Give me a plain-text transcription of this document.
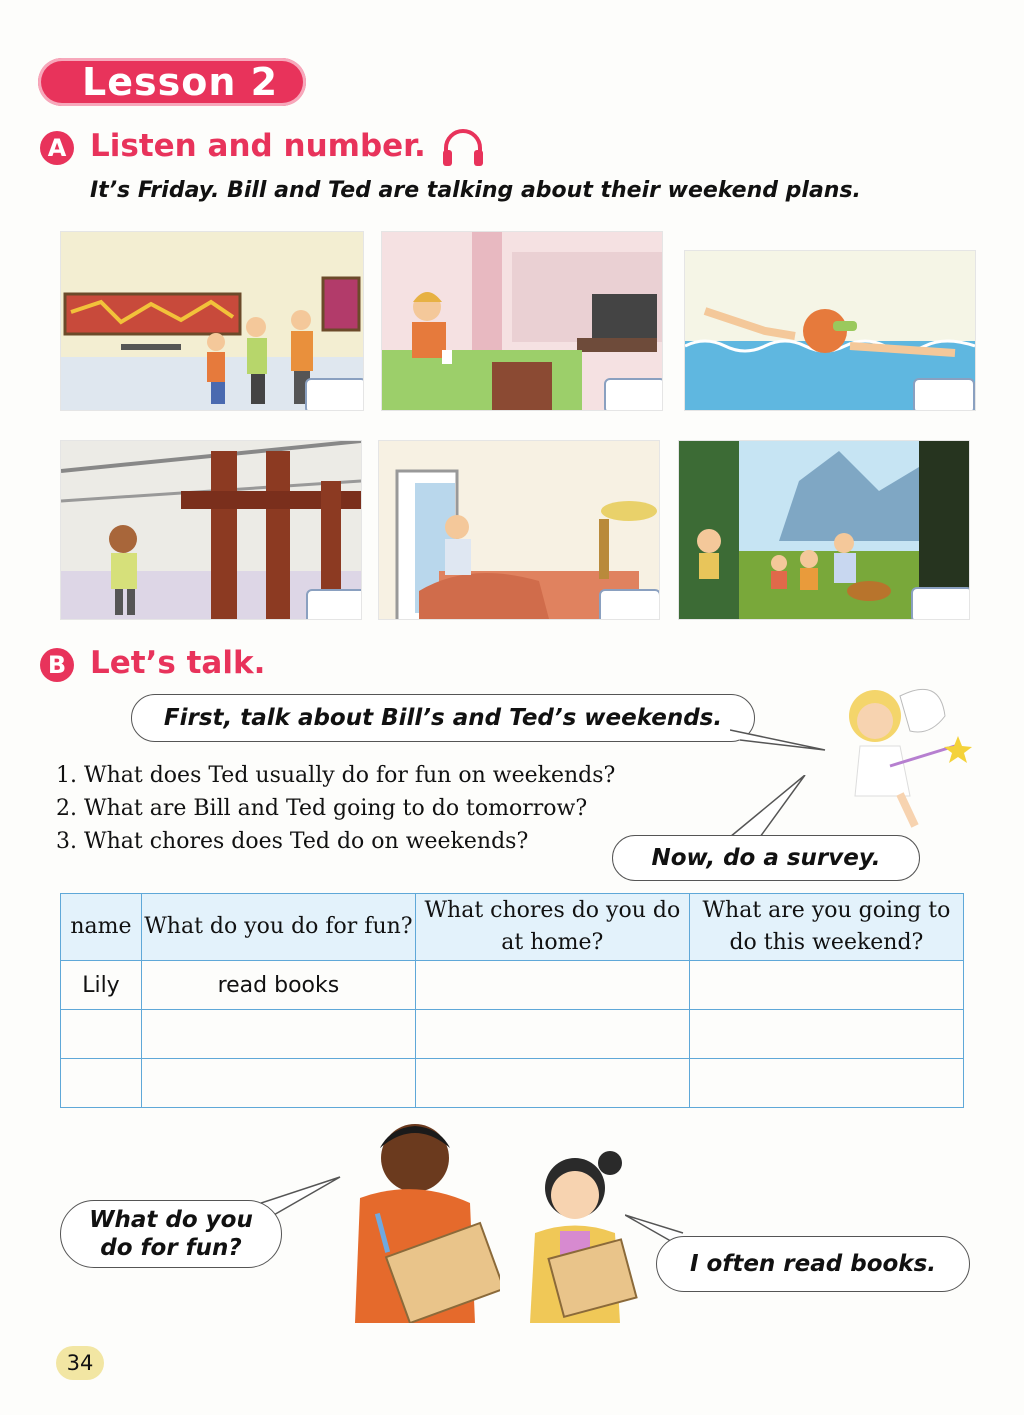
Lesson 2
A Listen and number.
It’s Friday. Bill and Ted are talking about their weekend plans.
B Let’s talk.
First, talk about Bill’s and Ted’s weekends.
1. What does Ted usually do for fun on weekends?
2. What are Bill and Ted going to do tomorrow?
3. What chores does Ted do on weekends?
Now, do a survey.
name	What do you do for fun?	What chores do you do at home?	What are you going to do this weekend?
Lily	read books		

What do you do for fun?
I often read books.
34
